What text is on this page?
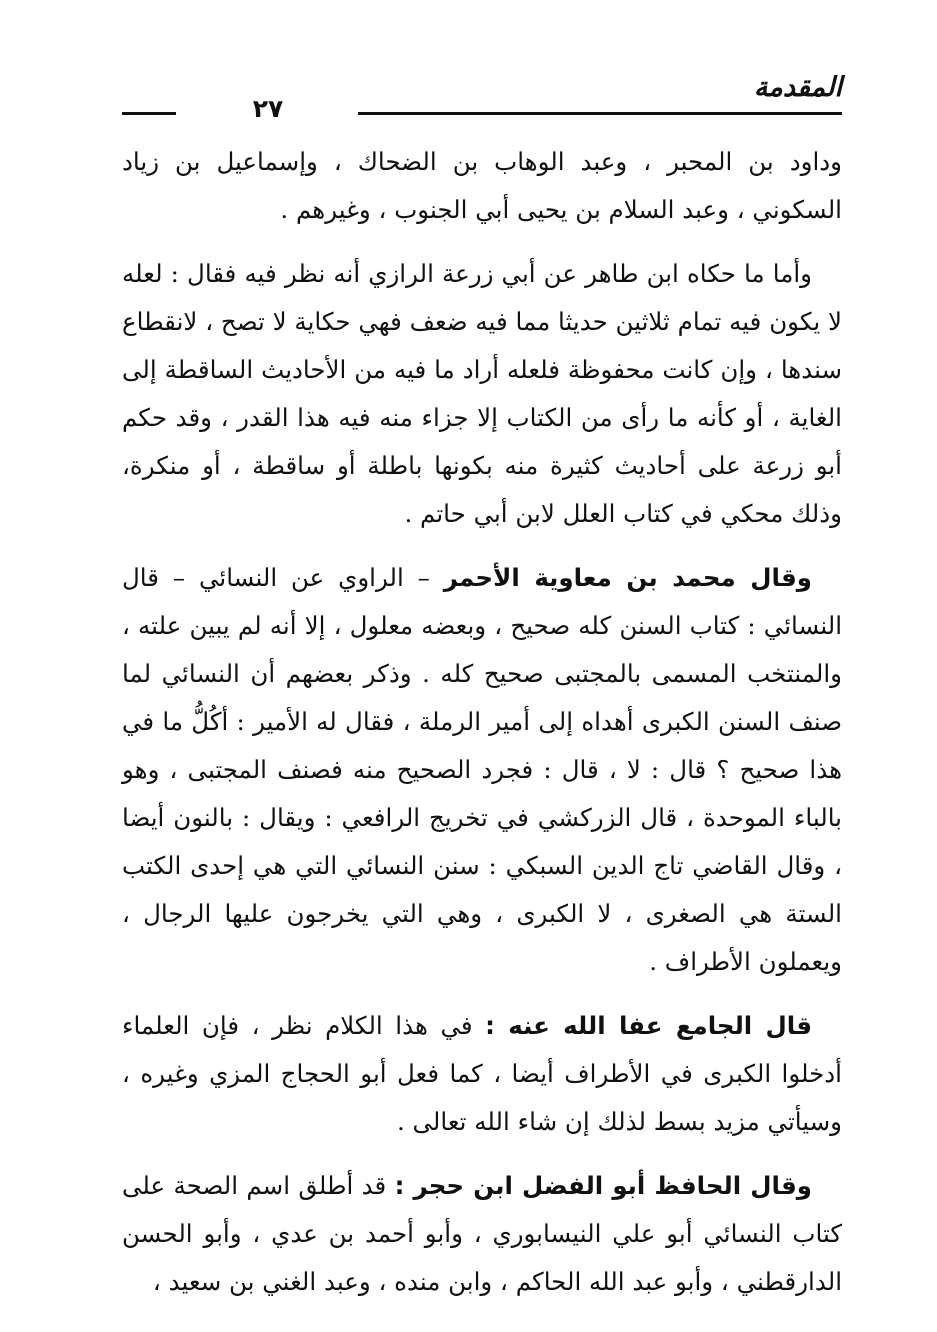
٢٧
المقدمة

وداود بن المحبر ، وعبد الوهاب بن الضحاك ، وإسماعيل بن زياد السكوني ، وعبد السلام بن يحيى أبي الجنوب ، وغيرهم .

وأما ما حكاه ابن طاهر عن أبي زرعة الرازي أنه نظر فيه فقال : لعله لا يكون فيه تمام ثلاثين حديثا مما فيه ضعف فهي حكاية لا تصح ، لانقطاع سندها ، وإن كانت محفوظة فلعله أراد ما فيه من الأحاديث الساقطة إلى الغاية ، أو كأنه ما رأى من الكتاب إلا جزاء منه فيه هذا القدر ، وقد حكم أبو زرعة على أحاديث كثيرة منه بكونها باطلة أو ساقطة ، أو منكرة، وذلك محكي في كتاب العلل لابن أبي حاتم .

وقال محمد بن معاوية الأحمر – الراوي عن النسائي – قال النسائي : كتاب السنن كله صحيح ، وبعضه معلول ، إلا أنه لم يبين علته ، والمنتخب المسمى بالمجتبى صحيح كله . وذكر بعضهم أن النسائي لما صنف السنن الكبرى أهداه إلى أمير الرملة ، فقال له الأمير : أكُلُّ ما في هذا صحيح ؟ قال : لا ، قال : فجرد الصحيح منه فصنف المجتبى ، وهو بالباء الموحدة ، قال الزركشي في تخريج الرافعي : ويقال : بالنون أيضا ، وقال القاضي تاج الدين السبكي : سنن النسائي التي هي إحدى الكتب الستة هي الصغرى ، لا الكبرى ، وهي التي يخرجون عليها الرجال ، ويعملون الأطراف .

قال الجامع عفا الله عنه : في هذا الكلام نظر ، فإن العلماء أدخلوا الكبرى في الأطراف أيضا ، كما فعل أبو الحجاج المزي وغيره ، وسيأتي مزيد بسط لذلك إن شاء الله تعالى .

وقال الحافظ أبو الفضل ابن حجر : قد أطلق اسم الصحة على كتاب النسائي أبو علي النيسابوري ، وأبو أحمد بن عدي ، وأبو الحسن الدارقطني ، وأبو عبد الله الحاكم ، وابن منده ، وعبد الغني بن سعيد ،
